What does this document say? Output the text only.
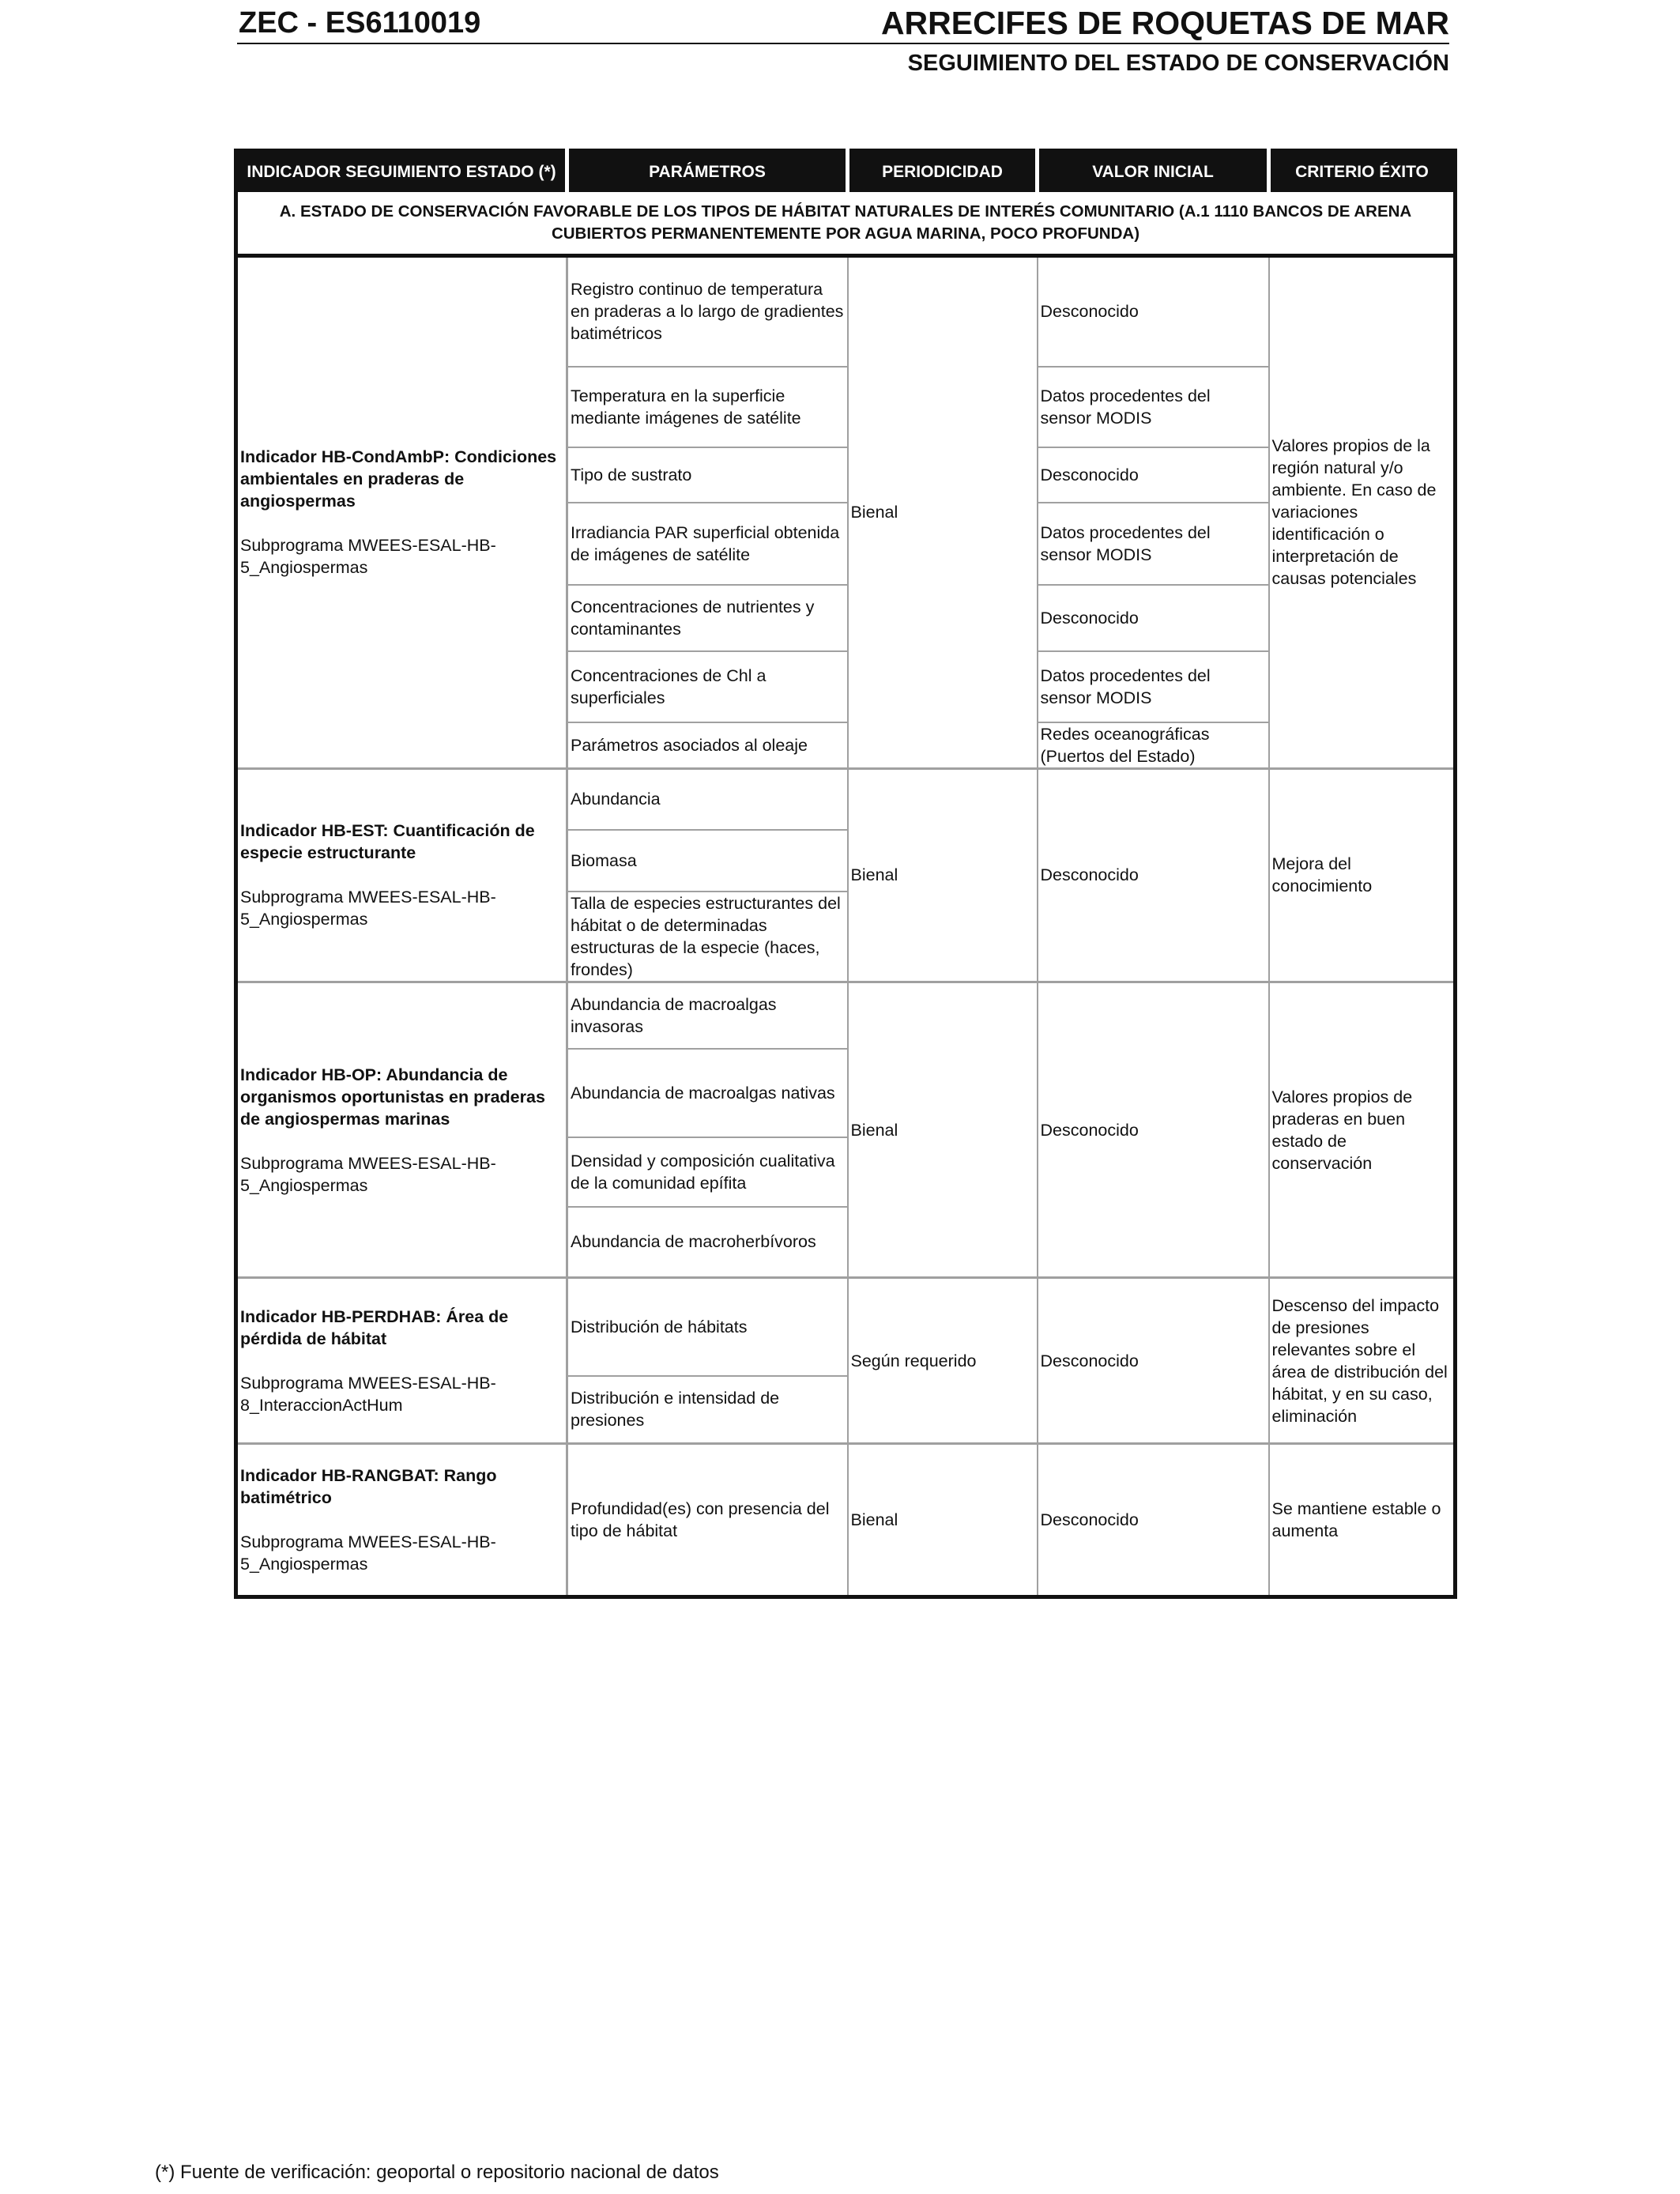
ZEC - ES6110019	ARRECIFES DE ROQUETAS DE MAR
SEGUIMIENTO DEL ESTADO DE CONSERVACIÓN
INDICADOR SEGUIMIENTO ESTADO (*)	PARÁMETROS	PERIODICIDAD	VALOR INICIAL	CRITERIO ÉXITO
A. ESTADO DE CONSERVACIÓN FAVORABLE DE LOS TIPOS DE HÁBITAT NATURALES DE INTERÉS COMUNITARIO (A.1 1110 BANCOS DE ARENA CUBIERTOS PERMANENTEMENTE POR AGUA MARINA, POCO PROFUNDA)				

Indicador HB-CondAmbP: Condiciones ambientales en praderas de angiospermas
Subprograma MWEES-ESAL-HB-5_Angiospermas	Registro continuo de temperatura en praderas a lo largo de gradientes batimétricos	Bienal	Desconocido	Valores propios de la región natural y/o ambiente. En caso de variaciones identificación o interpretación de causas potenciales
	Temperatura en la superficie mediante imágenes de satélite		Datos procedentes del sensor MODIS	
	Tipo de sustrato		Desconocido	
	Irradiancia PAR superficial obtenida de imágenes de satélite		Datos procedentes del sensor MODIS	
	Concentraciones de nutrientes y contaminantes		Desconocido	
	Concentraciones de Chl a superficiales		Datos procedentes del sensor MODIS	
	Parámetros asociados al oleaje		Redes oceanográficas (Puertos del Estado)	

Indicador HB-EST: Cuantificación de especie estructurante
Subprograma MWEES-ESAL-HB-5_Angiospermas	Abundancia	Bienal	Desconocido	Mejora del conocimiento
	Biomasa			
	Talla de especies estructurantes del hábitat o de determinadas estructuras de la especie (haces, frondes)			

Indicador HB-OP: Abundancia de organismos oportunistas en praderas de angiospermas marinas
Subprograma MWEES-ESAL-HB-5_Angiospermas	Abundancia de macroalgas invasoras	Bienal	Desconocido	Valores propios de praderas en buen estado de conservación
	Abundancia de macroalgas nativas			
	Densidad y composición cualitativa de la comunidad epífita			
	Abundancia de macroherbívoros			

Indicador HB-PERDHAB: Área de pérdida de hábitat
Subprograma MWEES-ESAL-HB-8_InteraccionActHum	Distribución de hábitats	Según requerido	Desconocido	Descenso del impacto de presiones relevantes sobre el área de distribución del hábitat, y en su caso, eliminación
	Distribución e intensidad de presiones			

Indicador HB-RANGBAT: Rango batimétrico
Subprograma MWEES-ESAL-HB-5_Angiospermas	Profundidad(es) con presencia del tipo de hábitat	Bienal	Desconocido	Se mantiene estable o aumenta
(*) Fuente de verificación: geoportal o repositorio nacional de datos
